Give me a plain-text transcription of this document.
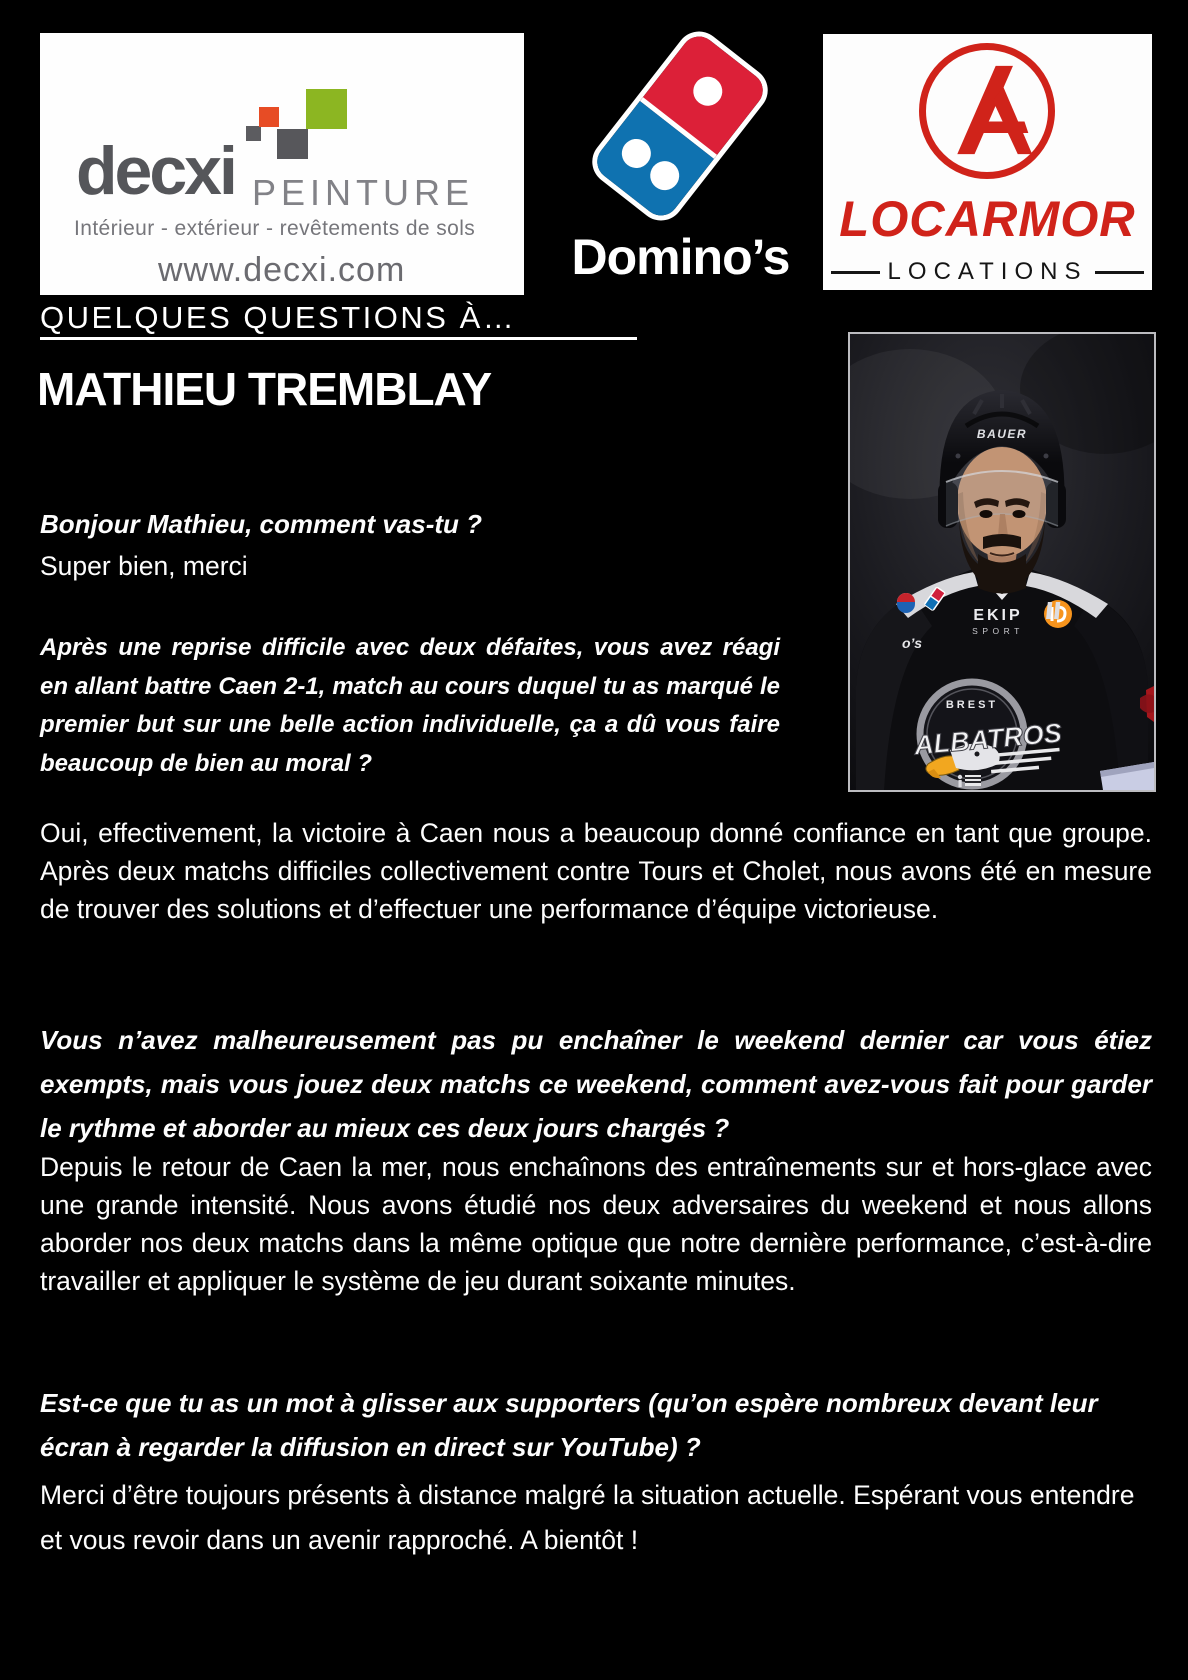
decxi PEINTURE
Intérieur - extérieur - revêtements de sols
www.decxi.com	Domino’s
LOCARMOR
LOCATIONS
QUELQUES QUESTIONS À…
MATHIEU TREMBLAY
BAUER
o’s
EKIP
SPORT
BREST
ALBATROS
Bonjour Mathieu, comment vas-tu ?
Super bien, merci
Après une reprise difficile avec deux défaites, vous avez réagi en allant battre Caen 2-1, match au cours duquel tu as marqué le premier but sur une belle action individuelle, ça a dû vous faire beaucoup de bien au moral ?
Oui, effectivement, la victoire à Caen nous a beaucoup donné confiance en tant que groupe. Après deux matchs difficiles collectivement contre Tours et Cholet, nous avons été en mesure de trouver des solutions et d’effectuer une performance d’équipe victorieuse.
Vous n’avez malheureusement pas pu enchaîner le weekend dernier car vous étiez exempts, mais vous jouez deux matchs ce weekend, comment avez-vous fait pour garder le rythme et aborder au mieux ces deux jours chargés ?
Depuis le retour de Caen la mer, nous enchaînons des entraînements sur et hors-glace avec une grande intensité. Nous avons étudié nos deux adversaires du weekend et nous allons aborder nos deux matchs dans la même optique que notre dernière performance, c’est-à-dire travailler et appliquer le système de jeu durant soixante minutes.
Est-ce que tu as un mot à glisser aux supporters (qu’on espère nombreux devant leur écran à regarder la diffusion en direct sur YouTube) ?
Merci d’être toujours présents à distance malgré la situation actuelle. Espérant vous entendre et vous revoir dans un avenir rapproché. A bientôt !
